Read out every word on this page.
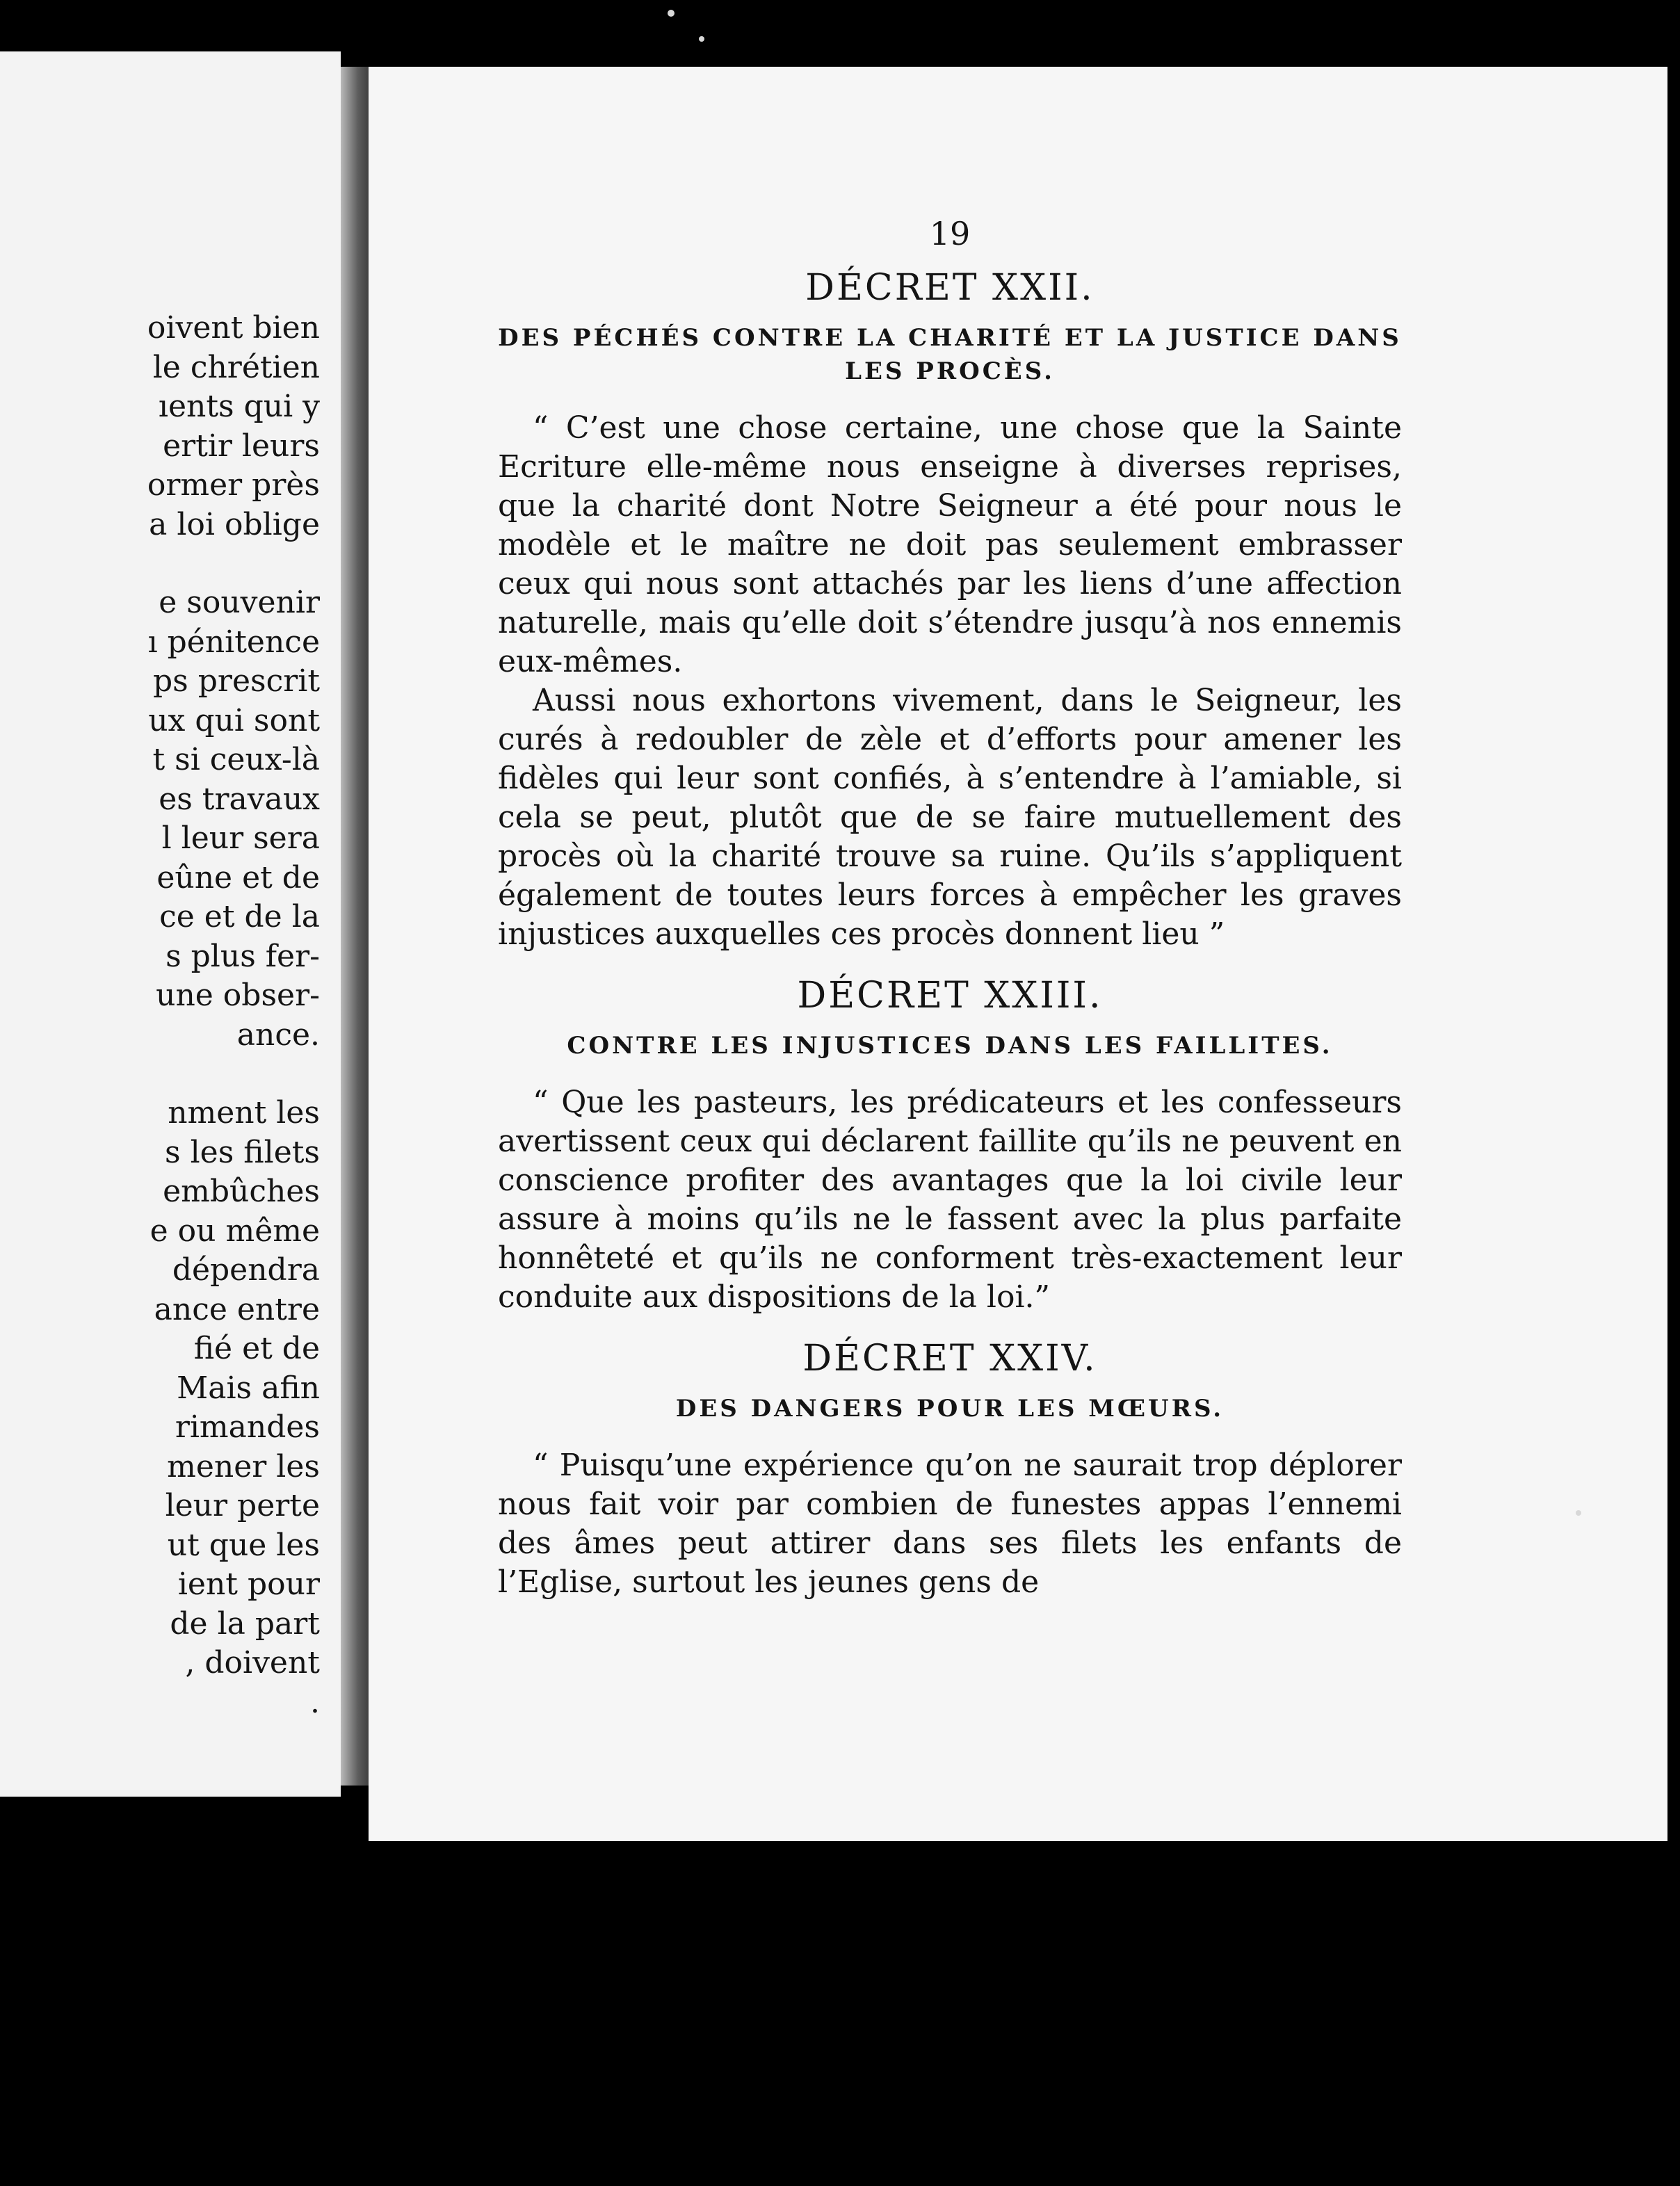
oivent bien
le chrétien
ıents qui y
ertir leurs
ormer près
a loi oblige
e souvenir
ı pénitence
ps prescrit
ux qui sont
t si ceux-là
es travaux
l leur sera
eûne et de
ce et de la
s plus fer-
une obser-
ance.
nment les
s les filets
embûches
e ou même
dépendra
ance entre
fié et de
Mais afin
rimandes
mener les
leur perte
ut que les
ient pour
de la part
, doivent
.
19
DÉCRET XXII.
DES PÉCHÉS CONTRE LA CHARITÉ ET LA JUSTICE DANS LES PROCÈS.

“ C’est une chose certaine, une chose que la Sainte Ecriture elle-même nous enseigne à diverses reprises, que la charité dont Notre Seigneur a été pour nous le modèle et le maître ne doit pas seulement embrasser ceux qui nous sont attachés par les liens d’une affection naturelle, mais qu’elle doit s’étendre jusqu’à nos ennemis eux-mêmes.

Aussi nous exhortons vivement, dans le Seigneur, les curés à redoubler de zèle et d’efforts pour amener les fidèles qui leur sont confiés, à s’entendre à l’amiable, si cela se peut, plutôt que de se faire mutuellement des procès où la charité trouve sa ruine. Qu’ils s’appliquent également de toutes leurs forces à empêcher les graves injustices auxquelles ces procès donnent lieu ”

DÉCRET XXIII.
CONTRE LES INJUSTICES DANS LES FAILLITES.

“ Que les pasteurs, les prédicateurs et les confesseurs avertissent ceux qui déclarent faillite qu’ils ne peuvent en conscience profiter des avantages que la loi civile leur assure à moins qu’ils ne le fassent avec la plus parfaite honnêteté et qu’ils ne conforment très-exactement leur conduite aux dispositions de la loi.”

DÉCRET XXIV.
DES DANGERS POUR LES MŒURS.

“ Puisqu’une expérience qu’on ne saurait trop déplorer nous fait voir par combien de funestes appas l’ennemi des âmes peut attirer dans ses filets les enfants de l’Eglise, surtout les jeunes gens de
